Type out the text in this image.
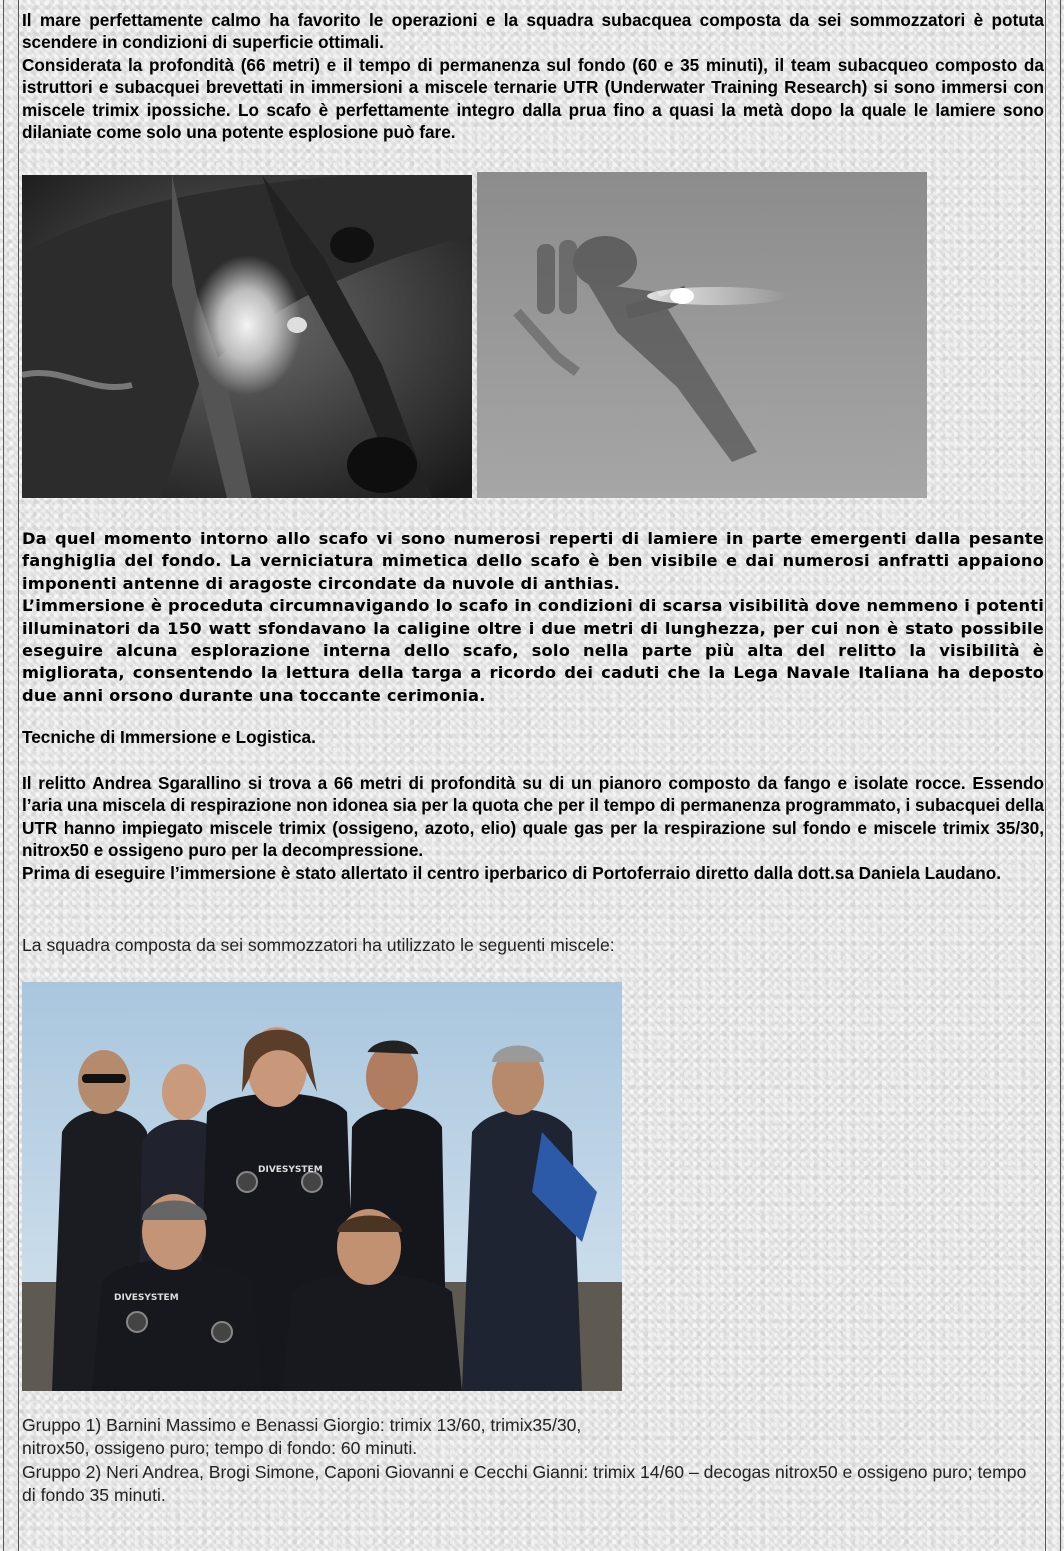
Il mare perfettamente calmo ha favorito le operazioni e la squadra subacquea composta da sei sommozzatori è potuta scendere in condizioni di superficie ottimali.

Considerata la profondità (66 metri) e il tempo di permanenza sul fondo (60 e 35 minuti), il team subacqueo composto da istruttori e subacquei brevettati in immersioni a miscele ternarie UTR (Underwater Training Research) si sono immersi con miscele trimix ipossiche. Lo scafo è perfettamente integro dalla prua fino a quasi la metà dopo la quale le lamiere sono dilaniate come solo una potente esplosione può fare.

Da quel momento intorno allo scafo vi sono numerosi reperti di lamiere in parte emergenti dalla pesante fanghiglia del fondo. La verniciatura mimetica dello scafo è ben visibile e dai numerosi anfratti appaiono imponenti antenne di aragoste circondate da nuvole di anthias.

L’immersione è proceduta circumnavigando lo scafo in condizioni di scarsa visibilità dove nemmeno i potenti illuminatori da 150 watt sfondavano la caligine oltre i due metri di lunghezza, per cui non è stato possibile eseguire alcuna esplorazione interna dello scafo, solo nella parte più alta del relitto la visibilità è migliorata, consentendo la lettura della targa a ricordo dei caduti che la Lega Navale Italiana ha deposto due anni orsono durante una toccante cerimonia.

Tecniche di Immersione e Logistica.

Il relitto Andrea Sgarallino si trova a 66 metri di profondità su di un pianoro composto da fango e isolate rocce. Essendo l’aria una miscela di respirazione non idonea sia per la quota che per il tempo di permanenza programmato, i subacquei della UTR hanno impiegato miscele trimix (ossigeno, azoto, elio) quale gas per la respirazione sul fondo e miscele trimix 35/30, nitrox50 e ossigeno puro per la decompressione.

Prima di eseguire l’immersione è stato allertato il centro iperbarico di Portoferraio diretto dalla dott.sa Daniela Laudano.

La squadra composta da sei sommozzatori ha utilizzato le seguenti miscele:
DIVESYSTEM
DIVESYSTEM

Gruppo 1) Barnini Massimo e Benassi Giorgio: trimix 13/60, trimix35/30,

nitrox50, ossigeno puro; tempo di fondo: 60 minuti.

Gruppo 2) Neri Andrea, Brogi Simone, Caponi Giovanni e Cecchi Gianni: trimix 14/60 – decogas nitrox50 e ossigeno puro; tempo di fondo 35 minuti.
